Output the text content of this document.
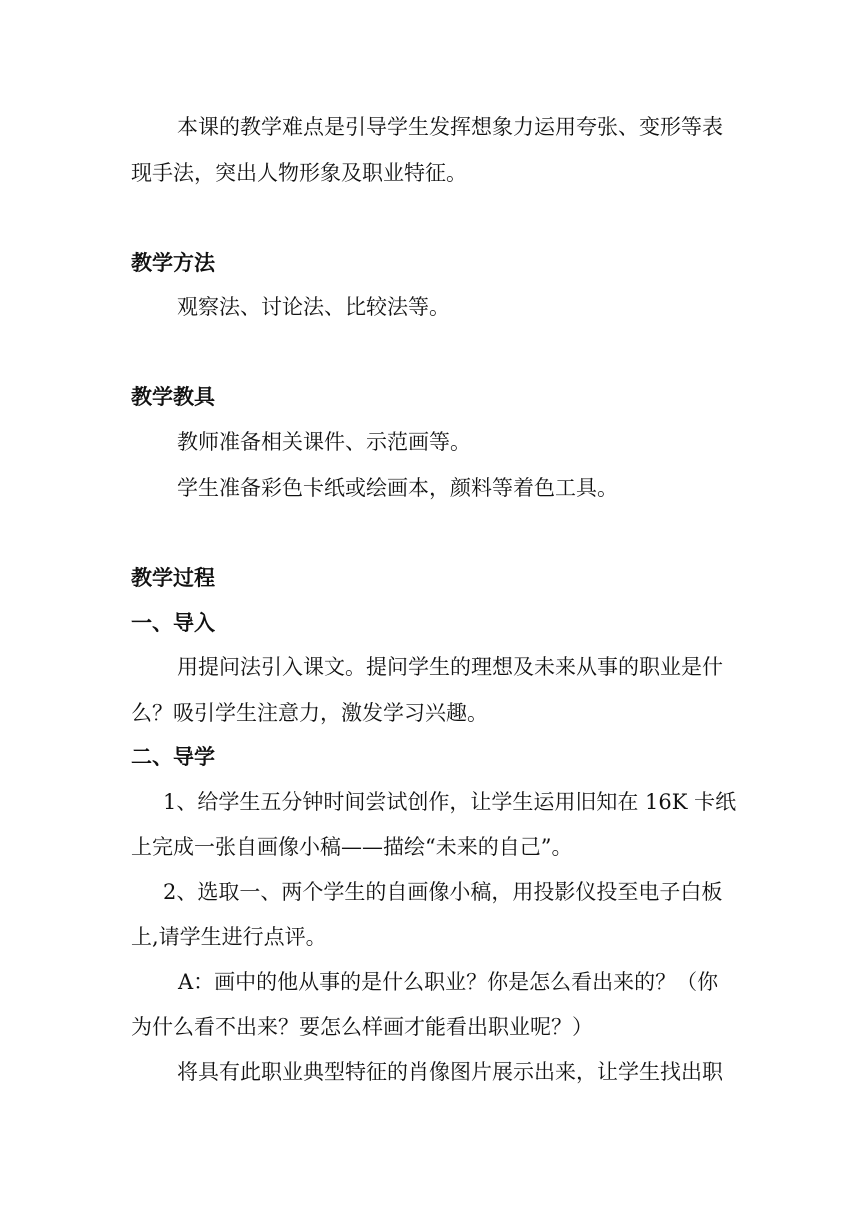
本课的教学难点是引导学生发挥想象力运用夸张、变形等表
现手法，突出人物形象及职业特征。
教学方法
观察法、讨论法、比较法等。
教学教具
教师准备相关课件、示范画等。
学生准备彩色卡纸或绘画本，颜料等着色工具。
教学过程
一、导入
用提问法引入课文。提问学生的理想及未来从事的职业是什
么？吸引学生注意力，激发学习兴趣。
二、导学
1、给学生五分钟时间尝试创作，让学生运用旧知在 16K 卡纸
上完成一张自画像小稿——描绘“未来的自己”。
2、选取一、两个学生的自画像小稿，用投影仪投至电子白板
上,请学生进行点评。
A：画中的他从事的是什么职业？你是怎么看出来的？（你
为什么看不出来？要怎么样画才能看出职业呢？）
将具有此职业典型特征的肖像图片展示出来，让学生找出职
